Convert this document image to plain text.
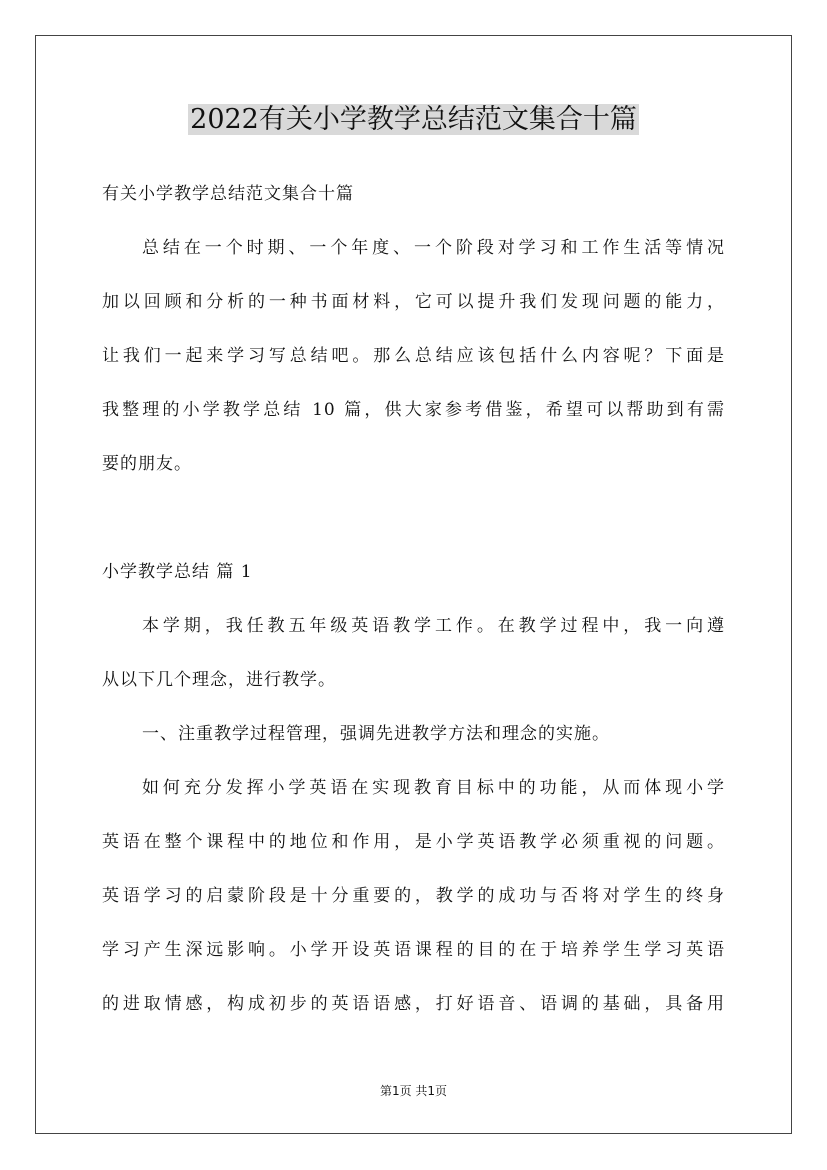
2022有关小学教学总结范文集合十篇
有关小学教学总结范文集合十篇
总结在一个时期、一个年度、一个阶段对学习和工作生活等情况
加以回顾和分析的一种书面材料，它可以提升我们发现问题的能力，
让我们一起来学习写总结吧。那么总结应该包括什么内容呢？下面是
我整理的小学教学总结 10 篇，供大家参考借鉴，希望可以帮助到有需
要的朋友。
小学教学总结 篇 1
本学期，我任教五年级英语教学工作。在教学过程中，我一向遵
从以下几个理念，进行教学。
一、注重教学过程管理，强调先进教学方法和理念的实施。
如何充分发挥小学英语在实现教育目标中的功能，从而体现小学
英语在整个课程中的地位和作用，是小学英语教学必须重视的问题。
英语学习的启蒙阶段是十分重要的，教学的成功与否将对学生的终身
学习产生深远影响。小学开设英语课程的目的在于培养学生学习英语
的进取情感，构成初步的英语语感，打好语音、语调的基础，具备用
第1页 共1页
